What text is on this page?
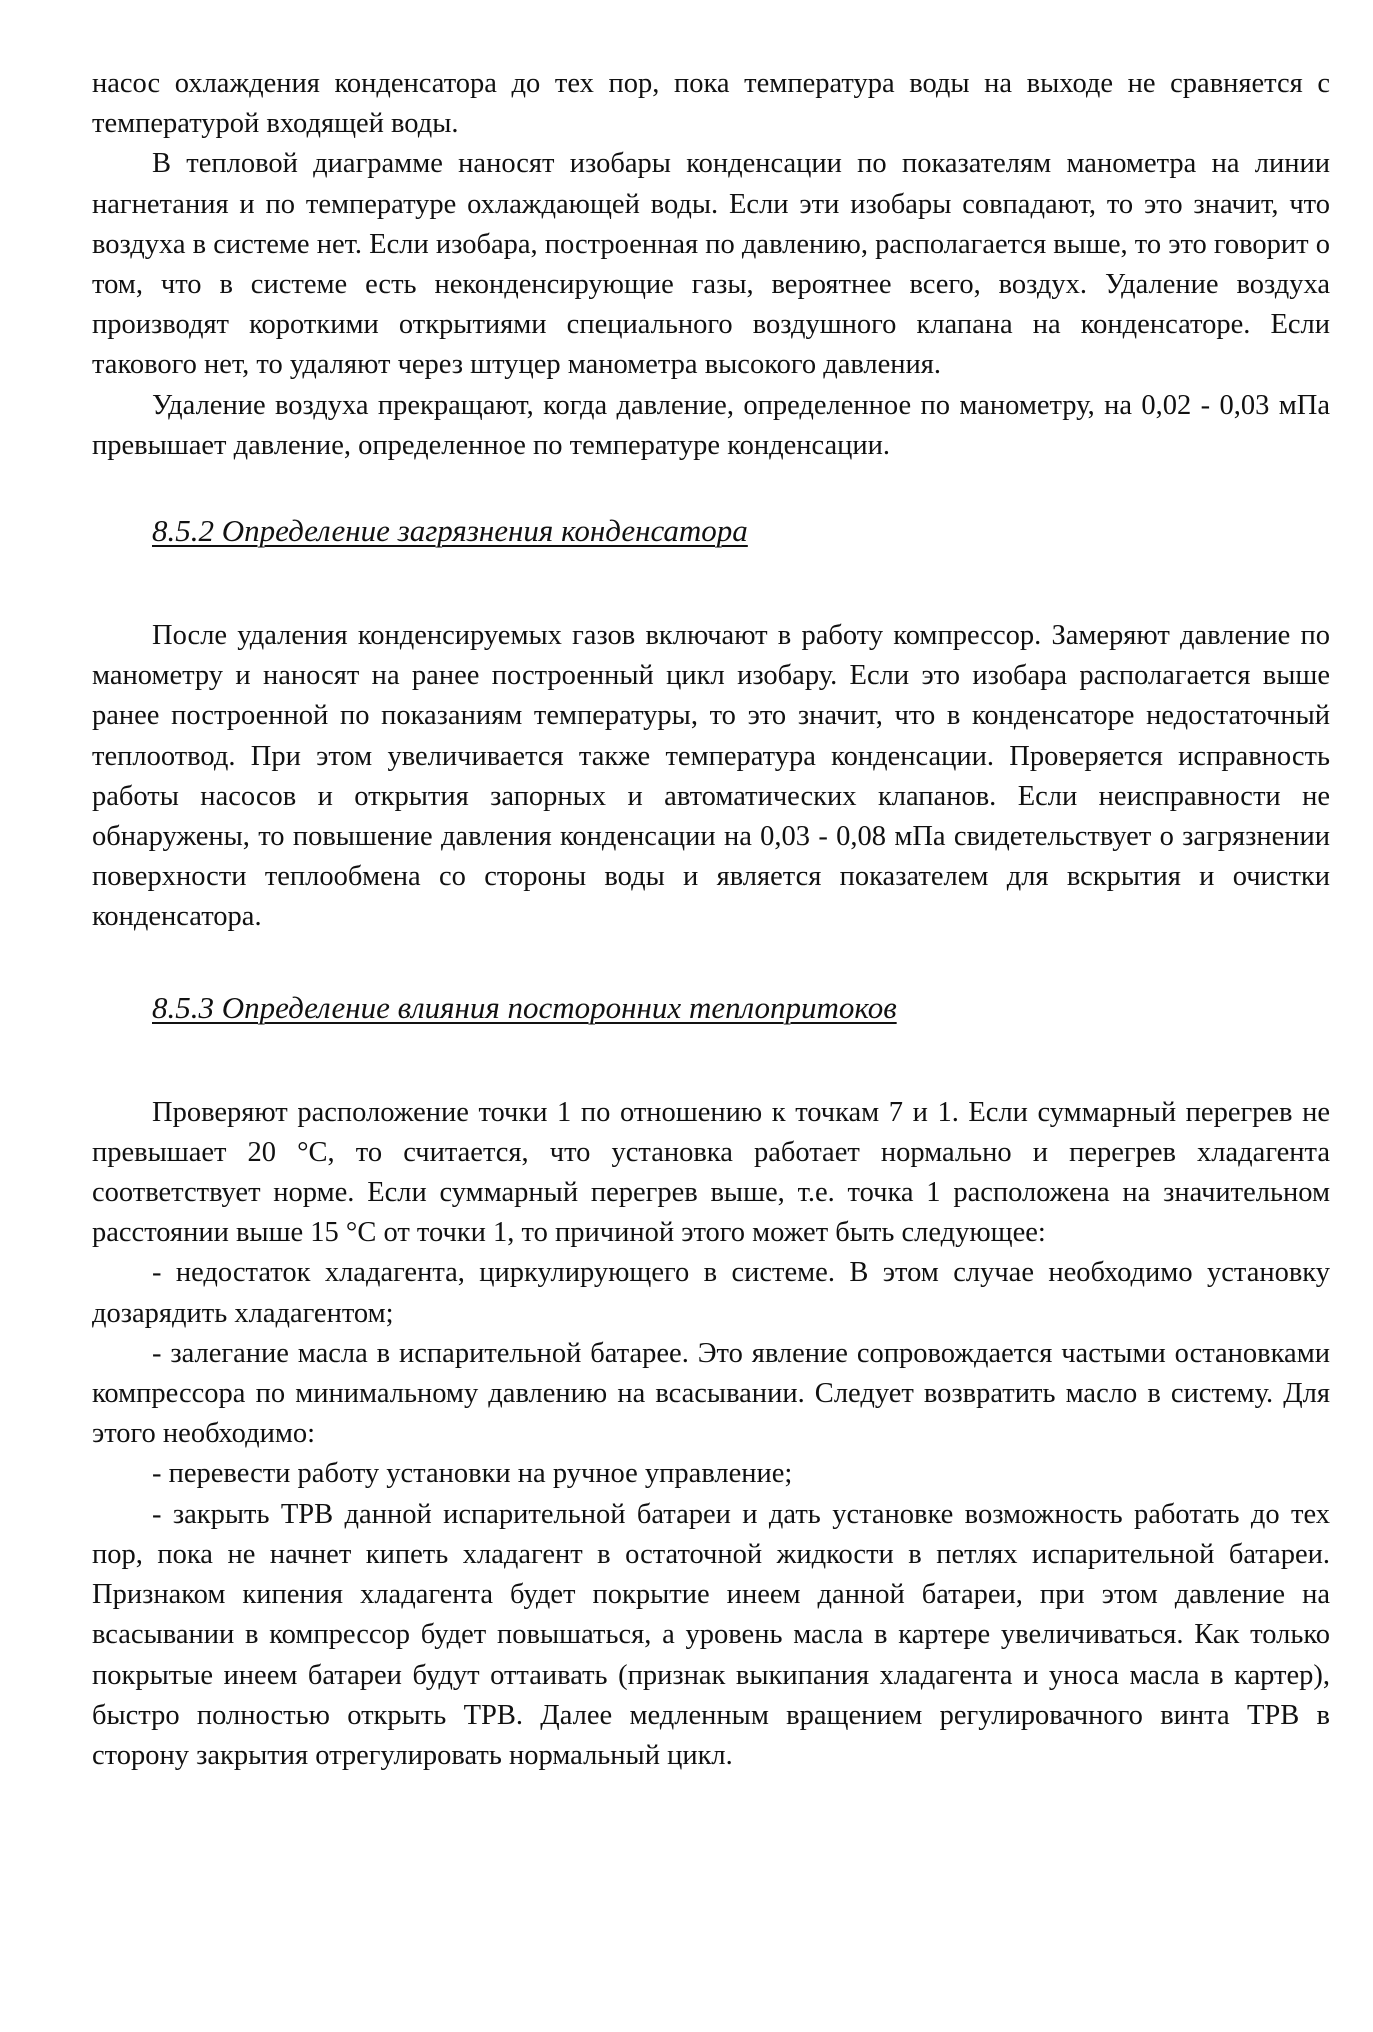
насос охлаждения конденсатора до тех пор, пока температура воды на выходе не сравняется с температурой входящей воды.

В тепловой диаграмме наносят изобары конденсации по показателям манометра на линии нагнетания и по температуре охлаждающей воды. Если эти изобары совпадают, то это значит, что воздуха в системе нет. Если изобара, построенная по давлению, располагается выше, то это говорит о том, что в системе есть неконденсирующие газы, вероятнее всего, воздух. Удаление воздуха производят короткими открытиями специального воздушного клапана на конденсаторе. Если такового нет, то удаляют через штуцер манометра высокого давления.

Удаление воздуха прекращают, когда давление, определенное по манометру, на 0,02 - 0,03 мПа превышает давление, определенное по температуре конденсации.

8.5.2 Определение загрязнения конденсатора

После удаления конденсируемых газов включают в работу компрессор. Замеряют давление по манометру и наносят на ранее построенный цикл изобару. Если это изобара располагается выше ранее построенной по показаниям температуры, то это значит, что в конденсаторе недостаточный теплоотвод. При этом увеличивается также температура конденсации. Проверяется исправность работы насосов и открытия запорных и автоматических клапанов. Если неисправности не обнаружены, то повышение давления конденсации на 0,03 - 0,08 мПа свидетельствует о загрязнении поверхности теплообмена со стороны воды и является показателем для вскрытия и очистки конденсатора.

8.5.3 Определение влияния посторонних теплопритоков

Проверяют расположение точки 1 по отношению к точкам 7 и 1. Если суммарный перегрев не превышает 20 °С, то считается, что установка работает нормально и перегрев хладагента соответствует норме. Если суммарный перегрев выше, т.е. точка 1 расположена на значительном расстоянии выше 15 °С от точки 1, то причиной этого может быть следующее:

- недостаток хладагента, циркулирующего в системе. В этом случае необходимо установку дозарядить хладагентом;

- залегание масла в испарительной батарее. Это явление сопровождается частыми остановками компрессора по минимальному давлению на всасывании. Следует возвратить масло в систему. Для этого необходимо:

- перевести работу установки на ручное управление;

- закрыть ТРВ данной испарительной батареи и дать установке возможность работать до тех пор, пока не начнет кипеть хладагент в остаточной жидкости в петлях испарительной батареи. Признаком кипения хладагента будет покрытие инеем данной батареи, при этом давление на всасывании в компрессор будет повышаться, а уровень масла в картере увеличиваться. Как только покрытые инеем батареи будут оттаивать (признак выкипания хладагента и уноса масла в картер), быстро полностью открыть ТРВ. Далее медленным вращением регулировачного винта ТРВ в сторону закрытия отрегулировать нормальный цикл.
